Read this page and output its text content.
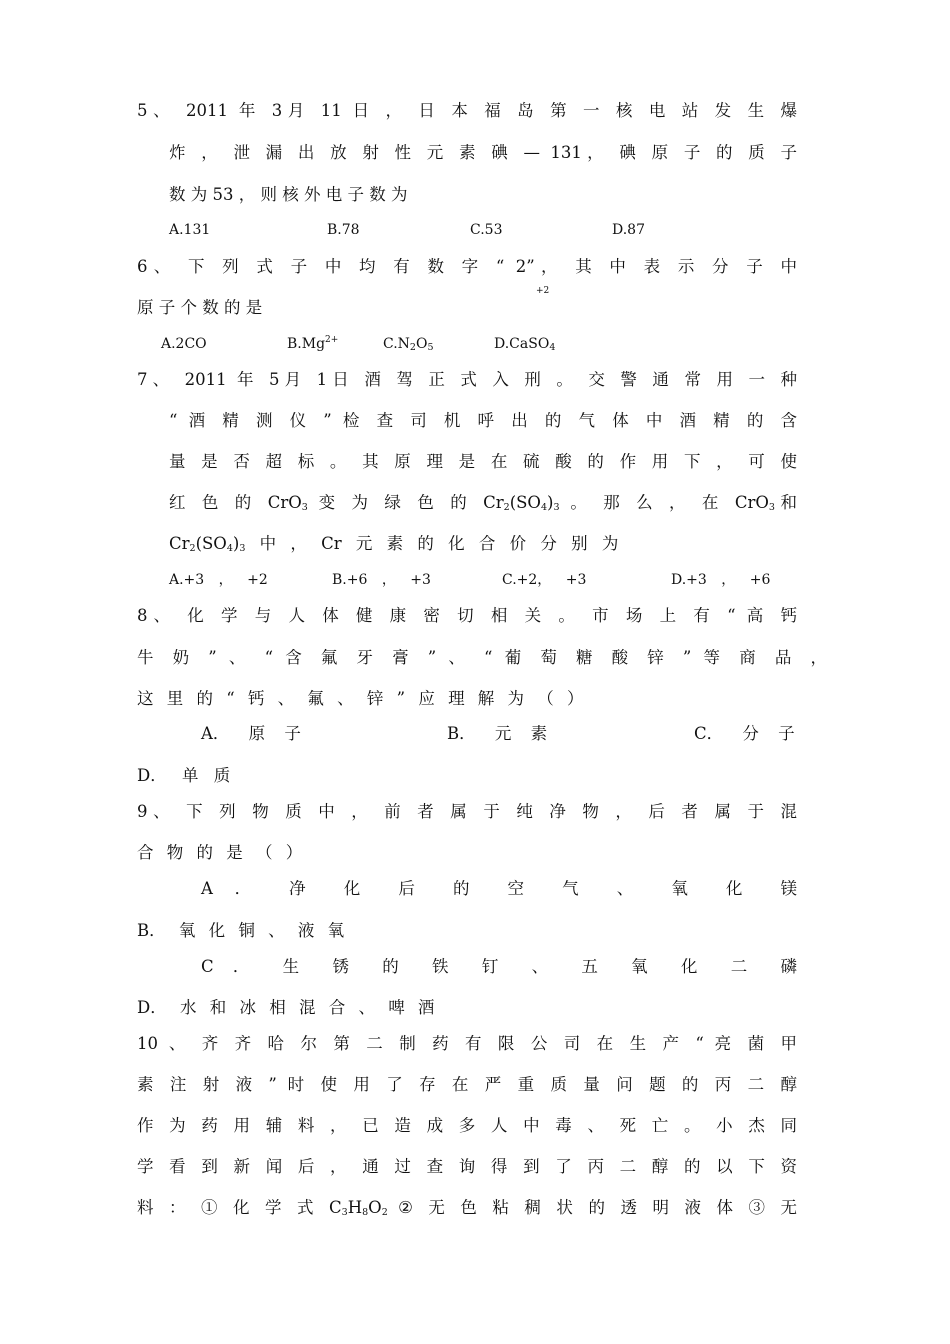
5、 2011 年 3月 11 日 ， 日 本 福 岛 第 一 核 电 站 发 生 爆
炸 ， 泄 漏 出 放 射 性 元 素 碘 — 131， 碘 原 子 的 质 子
数 为 53 ， 则 核 外 电 子 数 为
A.131	B.78	C.53	D.87
6、 下 列 式 子 中 均 有 数 字 “ 2”， 其 中 表 示 分 子 中
+2
原 子 个 数 的 是
A.2CO	$B.Mg^{2+}$	$C.N_2O_5$	D.CaSO$_4$
7、 2011 年 5月 1日 酒 驾 正 式 入 刑 。 交 警 通 常 用 一 种
“ 酒 精 测 仪 ” 检 查 司 机 呼 出 的 气 体 中 酒 精 的 含
量 是 否 超 标 。 其 原 理 是 在 硫 酸 的 作 用 下 ， 可 使
红 色 的 CrO$_3$ 变 为 绿 色 的 $Cr_2(SO_4)_3$ 。 那 么 ， 在 CrO$_3$和
$Cr_2(SO_4)_3$ 中 ， Cr 元 素 的 化 合 价 分 别 为
A.+3 ， +2	B.+6 ， +3	C.+2， +3	D.+3 ， +6
8、 化 学 与 人 体 健 康 密 切 相 关 。 市 场 上 有 “ 高 钙
牛 奶 ” 、 “ 含 氟 牙 膏 ” 、 “ 葡 萄 糖 酸 锌 ” 等 商 品 ，
这 里 的 “ 钙 、 氟 、 锌 ” 应 理 解 为 （ ）
A． 原 子	B． 元 素	C． 分 子
D． 单 质
9、 下 列 物 质 中 ， 前 者 属 于 纯 净 物 ， 后 者 属 于 混
合 物 的 是 （ ）
A ． 净 化 后 的 空 气 、 氧 化 镁
B． 氧 化 铜 、 液 氧
C ． 生 锈 的 铁 钉 、 五 氧 化 二 磷
D． 水 和 冰 相 混 合 、 啤 酒
10 、 齐 齐 哈 尔 第 二 制 药 有 限 公 司 在 生 产 “ 亮 菌 甲
素 注 射 液 ” 时 使 用 了 存 在 严 重 质 量 问 题 的 丙 二 醇
作 为 药 用 辅 料 ， 已 造 成 多 人 中 毒 、 死 亡 。 小 杰 同
学 看 到 新 闻 后 ， 通 过 查 询 得 到 了 丙 二 醇 的 以 下 资
料 ： ① 化 学 式 $C_3H_8O_2$ ② 无 色 粘 稠 状 的 透 明 液 体 ③ 无
